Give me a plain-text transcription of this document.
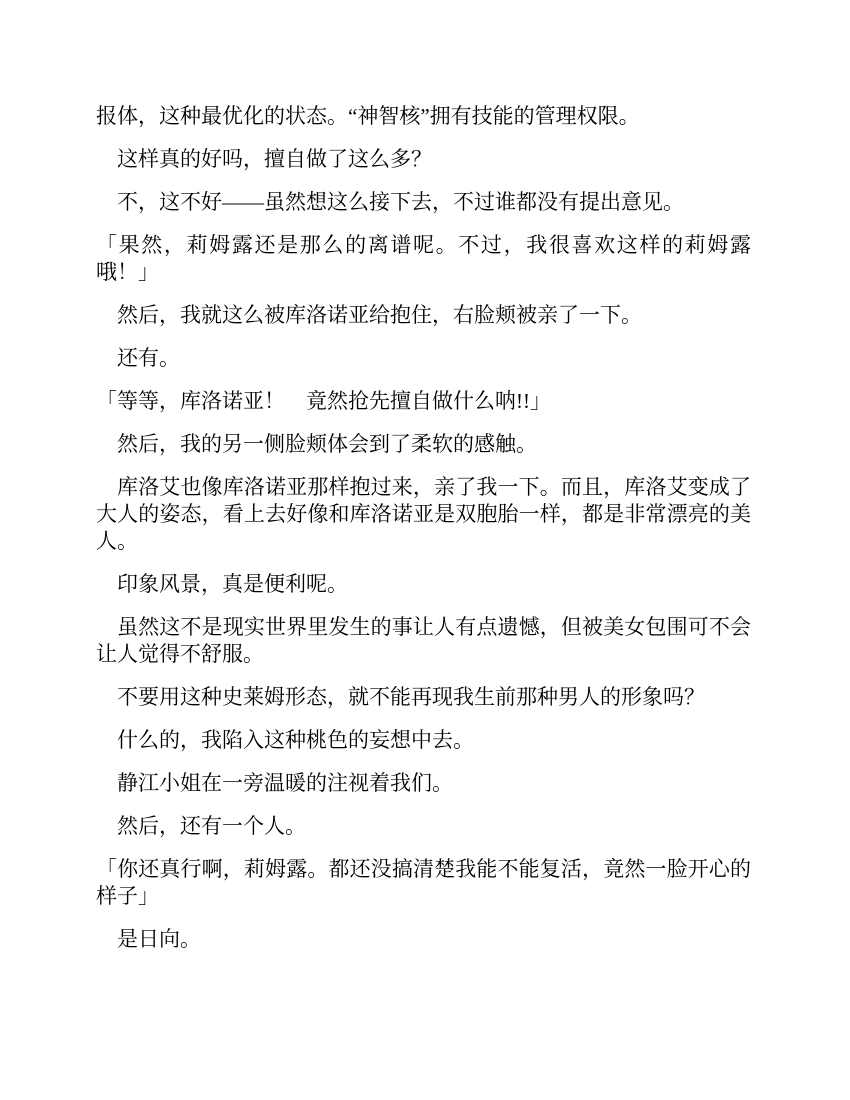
报体，这种最优化的状态。“神智核”拥有技能的管理权限。

这样真的好吗，擅自做了这么多？

不，这不好——虽然想这么接下去，不过谁都没有提出意见。

「果然，莉姆露还是那么的离谱呢。不过，我很喜欢这样的莉姆露哦！」

然后，我就这么被库洛诺亚给抱住，右脸颊被亲了一下。

还有。

「等等，库洛诺亚！　竟然抢先擅自做什么呐!!」

然后，我的另一侧脸颊体会到了柔软的感触。

库洛艾也像库洛诺亚那样抱过来，亲了我一下。而且，库洛艾变成了大人的姿态，看上去好像和库洛诺亚是双胞胎一样，都是非常漂亮的美人。

印象风景，真是便利呢。

虽然这不是现实世界里发生的事让人有点遗憾，但被美女包围可不会让人觉得不舒服。

不要用这种史莱姆形态，就不能再现我生前那种男人的形象吗？

什么的，我陷入这种桃色的妄想中去。

静江小姐在一旁温暖的注视着我们。

然后，还有一个人。

「你还真行啊，莉姆露。都还没搞清楚我能不能复活，竟然一脸开心的样子」

是日向。
